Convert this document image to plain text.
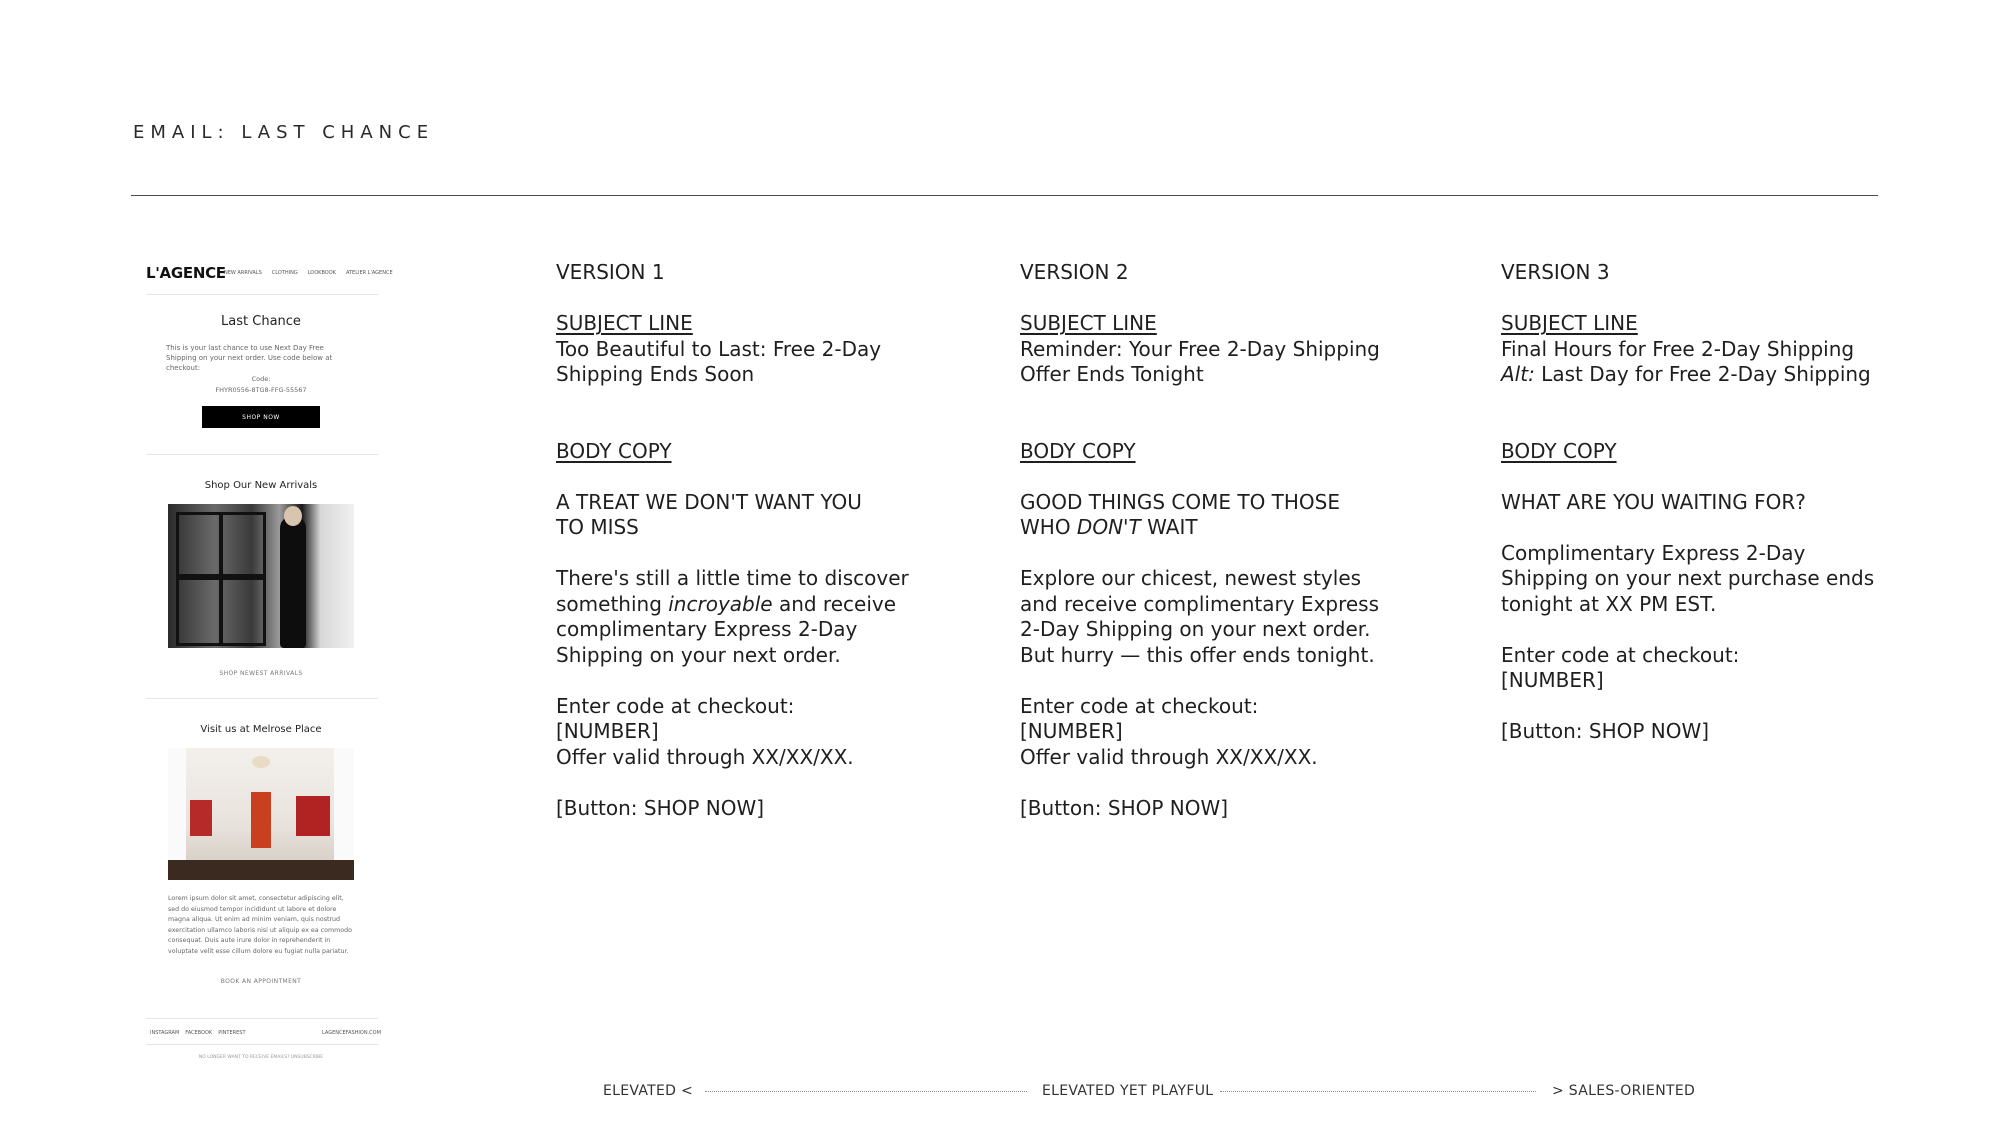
EMAIL: LAST CHANCE
L'AGENCE
NEW ARRIVALS CLOTHING LOOKBOOK ATELIER L'AGENCE
Last Chance
This is your last chance to use Next Day Free Shipping on your next order. Use code below at checkout:
Code:
FHYR0556-8TG8-FFG-55567
SHOP NOW
Shop Our New Arrivals
SHOP NEWEST ARRIVALS
Visit us at Melrose Place
Lorem ipsum dolor sit amet, consectetur adipiscing elit, sed do eiusmod tempor incididunt ut labore et dolore magna aliqua. Ut enim ad minim veniam, quis nostrud exercitation ullamco laboris nisi ut aliquip ex ea commodo consequat. Duis aute irure dolor in reprehenderit in voluptate velit esse cillum dolore eu fugiat nulla pariatur.
BOOK AN APPOINTMENT
INSTAGRAM FACEBOOK PINTEREST	LAGENCEFASHION.COM
NO LONGER WANT TO RECEIVE EMAILS? UNSUBSCRIBE
VERSION 1
SUBJECT LINE
Too Beautiful to Last: Free 2-Day
Shipping Ends Soon
BODY COPY
A TREAT WE DON'T WANT YOU
TO MISS
There's still a little time to discover
something incroyable and receive
complimentary Express 2-Day
Shipping on your next order.
Enter code at checkout:
[NUMBER]
Offer valid through XX/XX/XX.
[Button: SHOP NOW]
VERSION 2
SUBJECT LINE
Reminder: Your Free 2-Day Shipping
Offer Ends Tonight
BODY COPY
GOOD THINGS COME TO THOSE
WHO DON'T WAIT
Explore our chicest, newest styles
and receive complimentary Express
2-Day Shipping on your next order.
But hurry — this offer ends tonight.
Enter code at checkout:
[NUMBER]
Offer valid through XX/XX/XX.
[Button: SHOP NOW]
VERSION 3
SUBJECT LINE
Final Hours for Free 2-Day Shipping
Alt: Last Day for Free 2-Day Shipping
BODY COPY
WHAT ARE YOU WAITING FOR?
Complimentary Express 2-Day
Shipping on your next purchase ends
tonight at XX PM EST.
Enter code at checkout:
[NUMBER]
[Button: SHOP NOW]
ELEVATED <	ELEVATED YET PLAYFUL	> SALES-ORIENTED
